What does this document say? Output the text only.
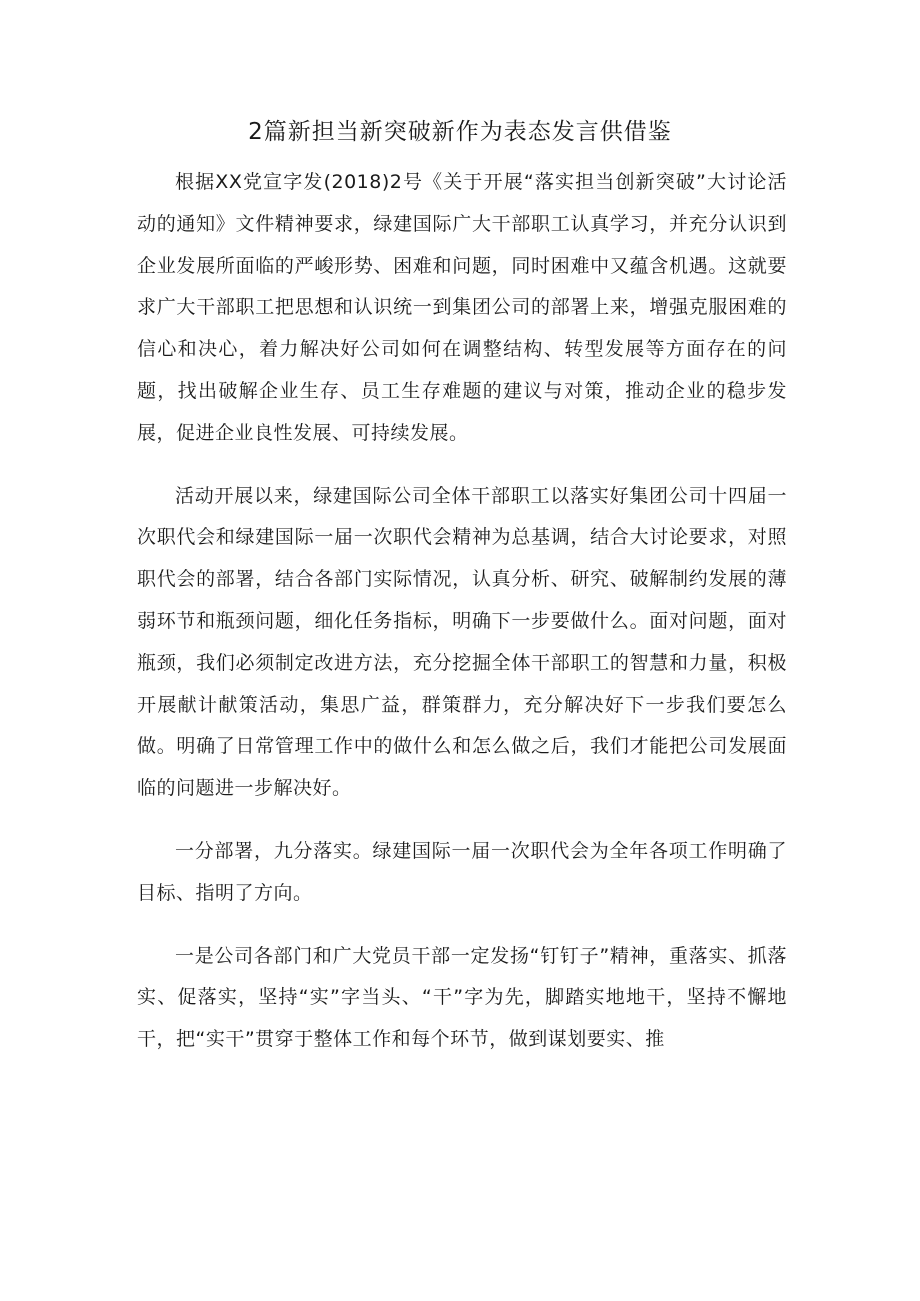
2篇新担当新突破新作为表态发言供借鉴

根据XX党宣字发(2018)2号《关于开展“落实担当创新突破”大讨论活动的通知》文件精神要求，绿建国际广大干部职工认真学习，并充分认识到企业发展所面临的严峻形势、困难和问题，同时困难中又蕴含机遇。这就要求广大干部职工把思想和认识统一到集团公司的部署上来，增强克服困难的信心和决心，着力解决好公司如何在调整结构、转型发展等方面存在的问题，找出破解企业生存、员工生存难题的建议与对策，推动企业的稳步发展，促进企业良性发展、可持续发展。

活动开展以来，绿建国际公司全体干部职工以落实好集团公司十四届一次职代会和绿建国际一届一次职代会精神为总基调，结合大讨论要求，对照职代会的部署，结合各部门实际情况，认真分析、研究、破解制约发展的薄弱环节和瓶颈问题，细化任务指标，明确下一步要做什么。面对问题，面对瓶颈，我们必须制定改进方法，充分挖掘全体干部职工的智慧和力量，积极开展献计献策活动，集思广益，群策群力，充分解决好下一步我们要怎么做。明确了日常管理工作中的做什么和怎么做之后，我们才能把公司发展面临的问题进一步解决好。

一分部署，九分落实。绿建国际一届一次职代会为全年各项工作明确了目标、指明了方向。

一是公司各部门和广大党员干部一定发扬“钉钉子”精神，重落实、抓落实、促落实，坚持“实”字当头、“干”字为先，脚踏实地地干，坚持不懈地干，把“实干”贯穿于整体工作和每个环节，做到谋划要实、推
